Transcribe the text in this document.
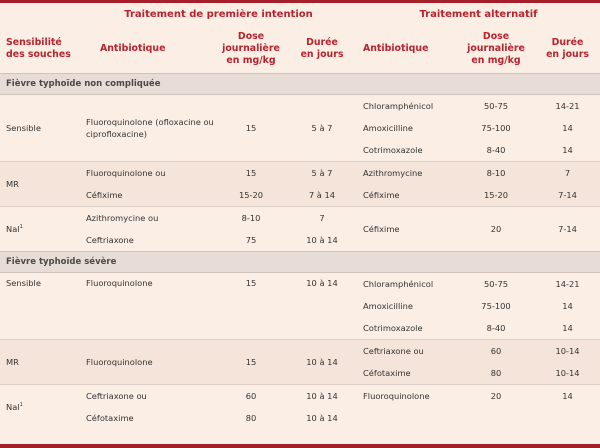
	Traitement de première intention			Traitement alternatif		
Sensibilité
des souches	Antibiotique	Dose
journalière
en mg/kg	Durée
en jours	Antibiotique	Dose
journalière
en mg/kg	Durée
en jours
Fièvre typhoïde non compliquée						
Sensible	Fluoroquinolone (ofloxacine ou ciprofloxacine)	15	5 à 7	Chloramphénicol	50-75	14-21
				Amoxicilline	75-100	14
				Cotrimoxazole	8-40	14
MR	Fluoroquinolone ou	15	5 à 7	Azithromycine	8-10	7
	Céfixime	15-20	7 à 14	Céfixime	15-20	7-14
Nal$^1$	Azithromycine ou	8-10	7	Céfixime	20	7-14
	Ceftriaxone	75	10 à 14			
Fièvre typhoïde sévère						
Sensible	Fluoroquinolone	15	10 à 14	Chloramphénicol	50-75	14-21
				Amoxicilline	75-100	14
				Cotrimoxazole	8-40	14
MR	Fluoroquinolone	15	10 à 14	Ceftriaxone ou	60	10-14
				Céfotaxime	80	10-14
Nal$^1$	Ceftriaxone ou	60	10 à 14	Fluoroquinolone	20	14
	Céfotaxime	80	10 à 14			
